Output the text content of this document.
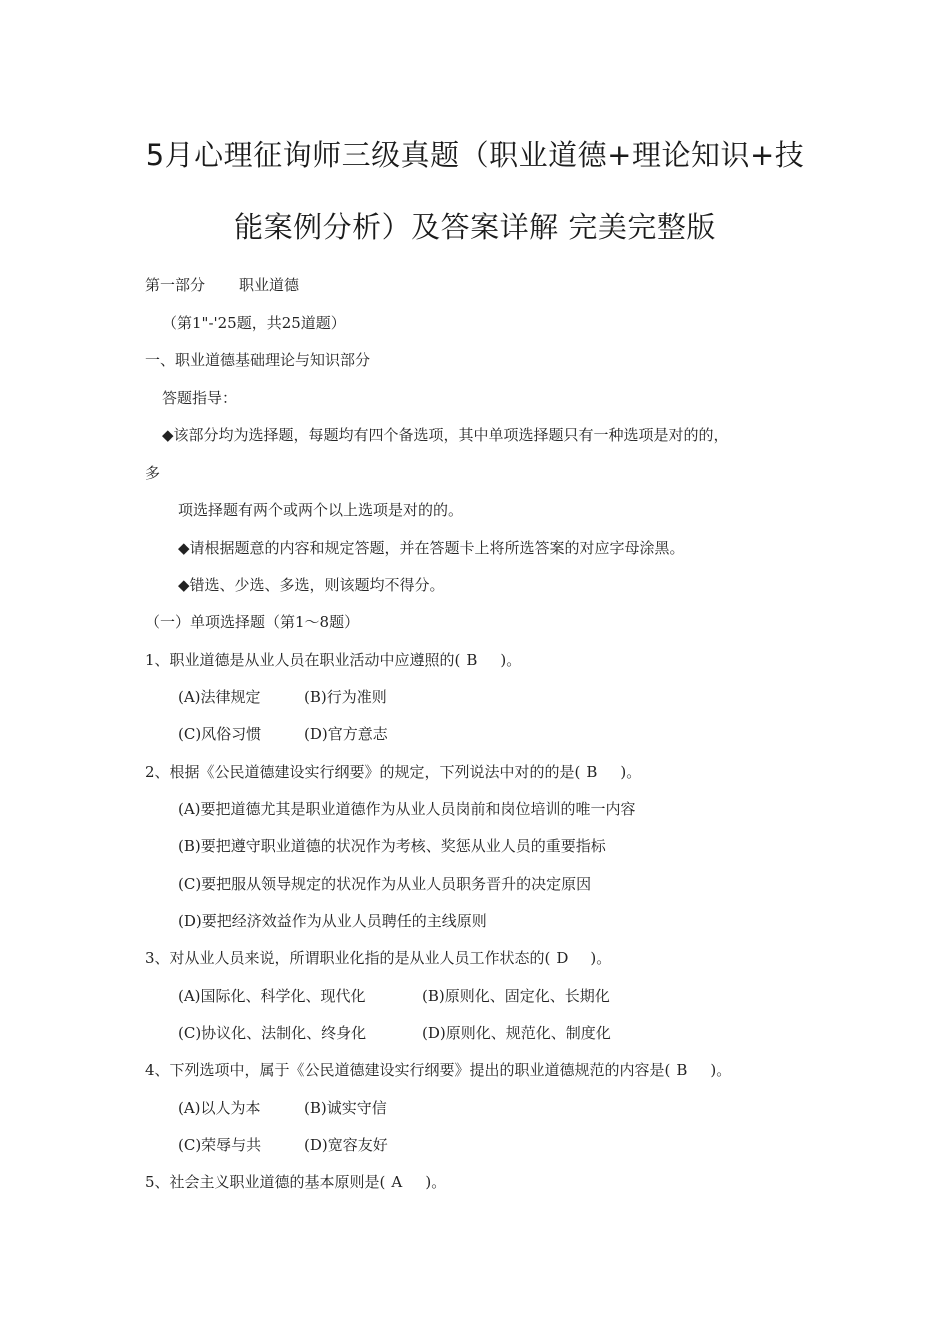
5月心理征询师三级真题（职业道德+理论知识+技
能案例分析）及答案详解 完美完整版
第一部分 职业道德
（第1"-'25题，共25道题）
一、职业道德基础理论与知识部分
答题指导：
◆该部分均为选择题，每题均有四个备选项，其中单项选择题只有一种选项是对的的，
多
项选择题有两个或两个以上选项是对的的。
◆请根据题意的内容和规定答题，并在答题卡上将所选答案的对应字母涂黑。
◆错选、少选、多选，则该题均不得分。
（一）单项选择题（第1～8题）
1、职业道德是从业人员在职业活动中应遵照的( B )。
(A)法律规定	(B)行为准则
(C)风俗习惯	(D)官方意志
2、根据《公民道德建设实行纲要》的规定，下列说法中对的的是( B )。
(A)要把道德尤其是职业道德作为从业人员岗前和岗位培训的唯一内容
(B)要把遵守职业道德的状况作为考核、奖惩从业人员的重要指标
(C)要把服从领导规定的状况作为从业人员职务晋升的决定原因
(D)要把经济效益作为从业人员聘任的主线原则
3、对从业人员来说，所谓职业化指的是从业人员工作状态的( D )。
(A)国际化、科学化、现代化	(B)原则化、固定化、长期化
(C)协议化、法制化、终身化	(D)原则化、规范化、制度化
4、下列选项中，属于《公民道德建设实行纲要》提出的职业道德规范的内容是( B )。
(A)以人为本	(B)诚实守信
(C)荣辱与共	(D)宽容友好
5、社会主义职业道德的基本原则是( A )。
